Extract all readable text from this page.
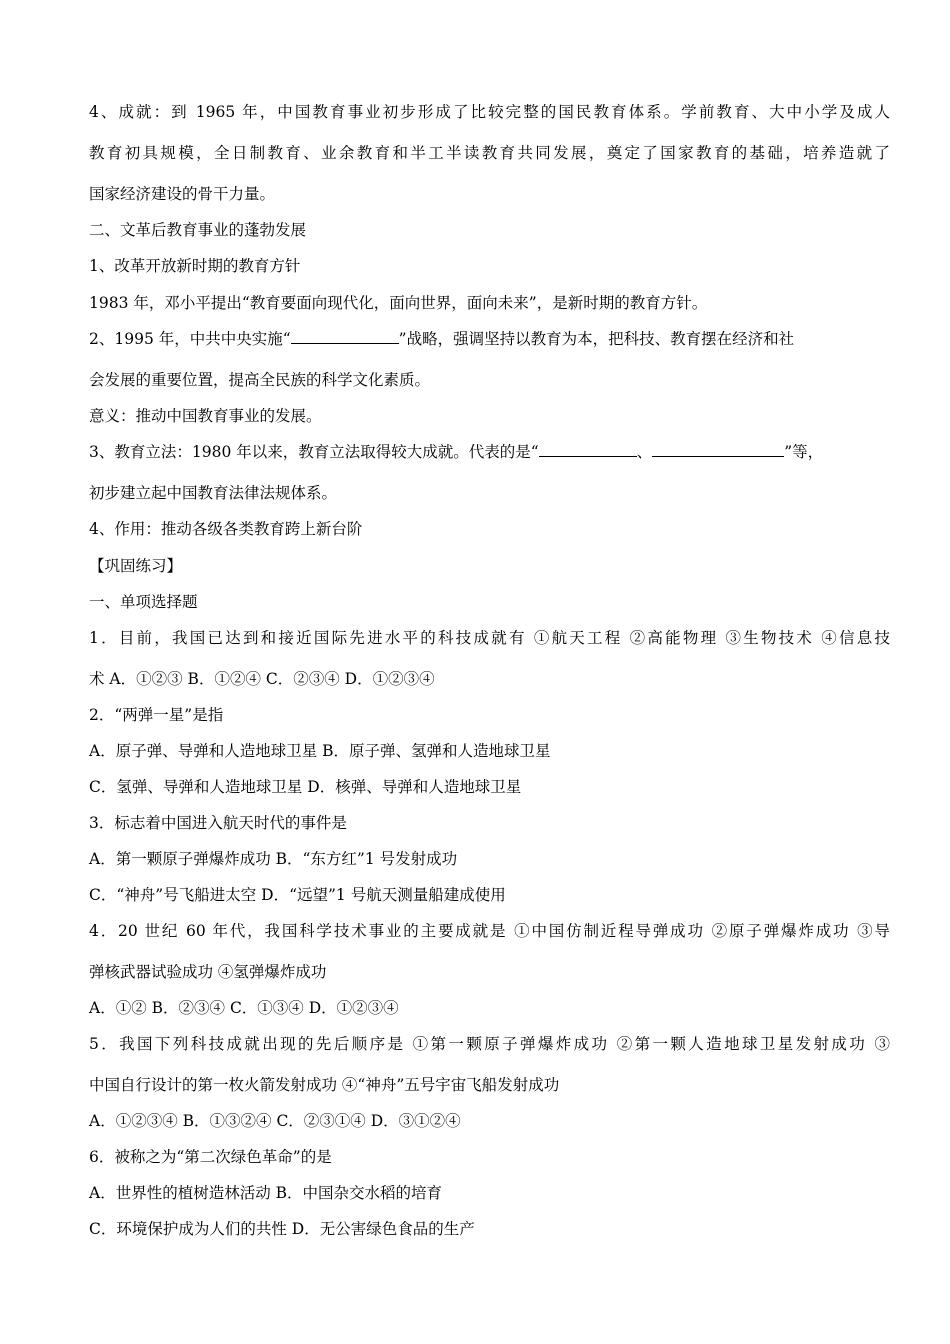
4、成就：到 1965 年，中国教育事业初步形成了比较完整的国民教育体系。学前教育、大中小学及成人
教育初具规模，全日制教育、业余教育和半工半读教育共同发展，奠定了国家教育的基础，培养造就了
国家经济建设的骨干力量。
二、文革后教育事业的蓬勃发展
1、改革开放新时期的教育方针
1983 年，邓小平提出“教育要面向现代化，面向世界，面向未来”，是新时期的教育方针。
2、1995 年，中共中央实施“	”战略，强调坚持以教育为本，把科技、教育摆在经济和社
会发展的重要位置，提高全民族的科学文化素质。
意义：推动中国教育事业的发展。
3、教育立法：1980 年以来，教育立法取得较大成就。代表的是“	、	”等，
初步建立起中国教育法律法规体系。
4、作用：推动各级各类教育跨上新台阶
【巩固练习】
一、单项选择题
1．目前，我国已达到和接近国际先进水平的科技成就有 ①航天工程 ②高能物理 ③生物技术 ④信息技
术 A．①②③ B．①②④ C．②③④ D．①②③④
2．“两弹一星”是指
A．原子弹、导弹和人造地球卫星 B．原子弹、氢弹和人造地球卫星
C．氢弹、导弹和人造地球卫星 D．核弹、导弹和人造地球卫星
3．标志着中国进入航天时代的事件是
A．第一颗原子弹爆炸成功 B．“东方红”1 号发射成功
C．“神舟”号飞船进太空 D．“远望”1 号航天测量船建成使用
4．20 世纪 60 年代，我国科学技术事业的主要成就是 ①中国仿制近程导弹成功 ②原子弹爆炸成功 ③导
弹核武器试验成功 ④氢弹爆炸成功
A．①② B．②③④ C．①③④ D．①②③④
5．我国下列科技成就出现的先后顺序是 ①第一颗原子弹爆炸成功 ②第一颗人造地球卫星发射成功 ③
中国自行设计的第一枚火箭发射成功 ④“神舟”五号宇宙飞船发射成功
A．①②③④ B．①③②④ C．②③①④ D．③①②④
6．被称之为“第二次绿色革命”的是
A．世界性的植树造林活动 B．中国杂交水稻的培育
C．环境保护成为人们的共性 D．无公害绿色食品的生产
